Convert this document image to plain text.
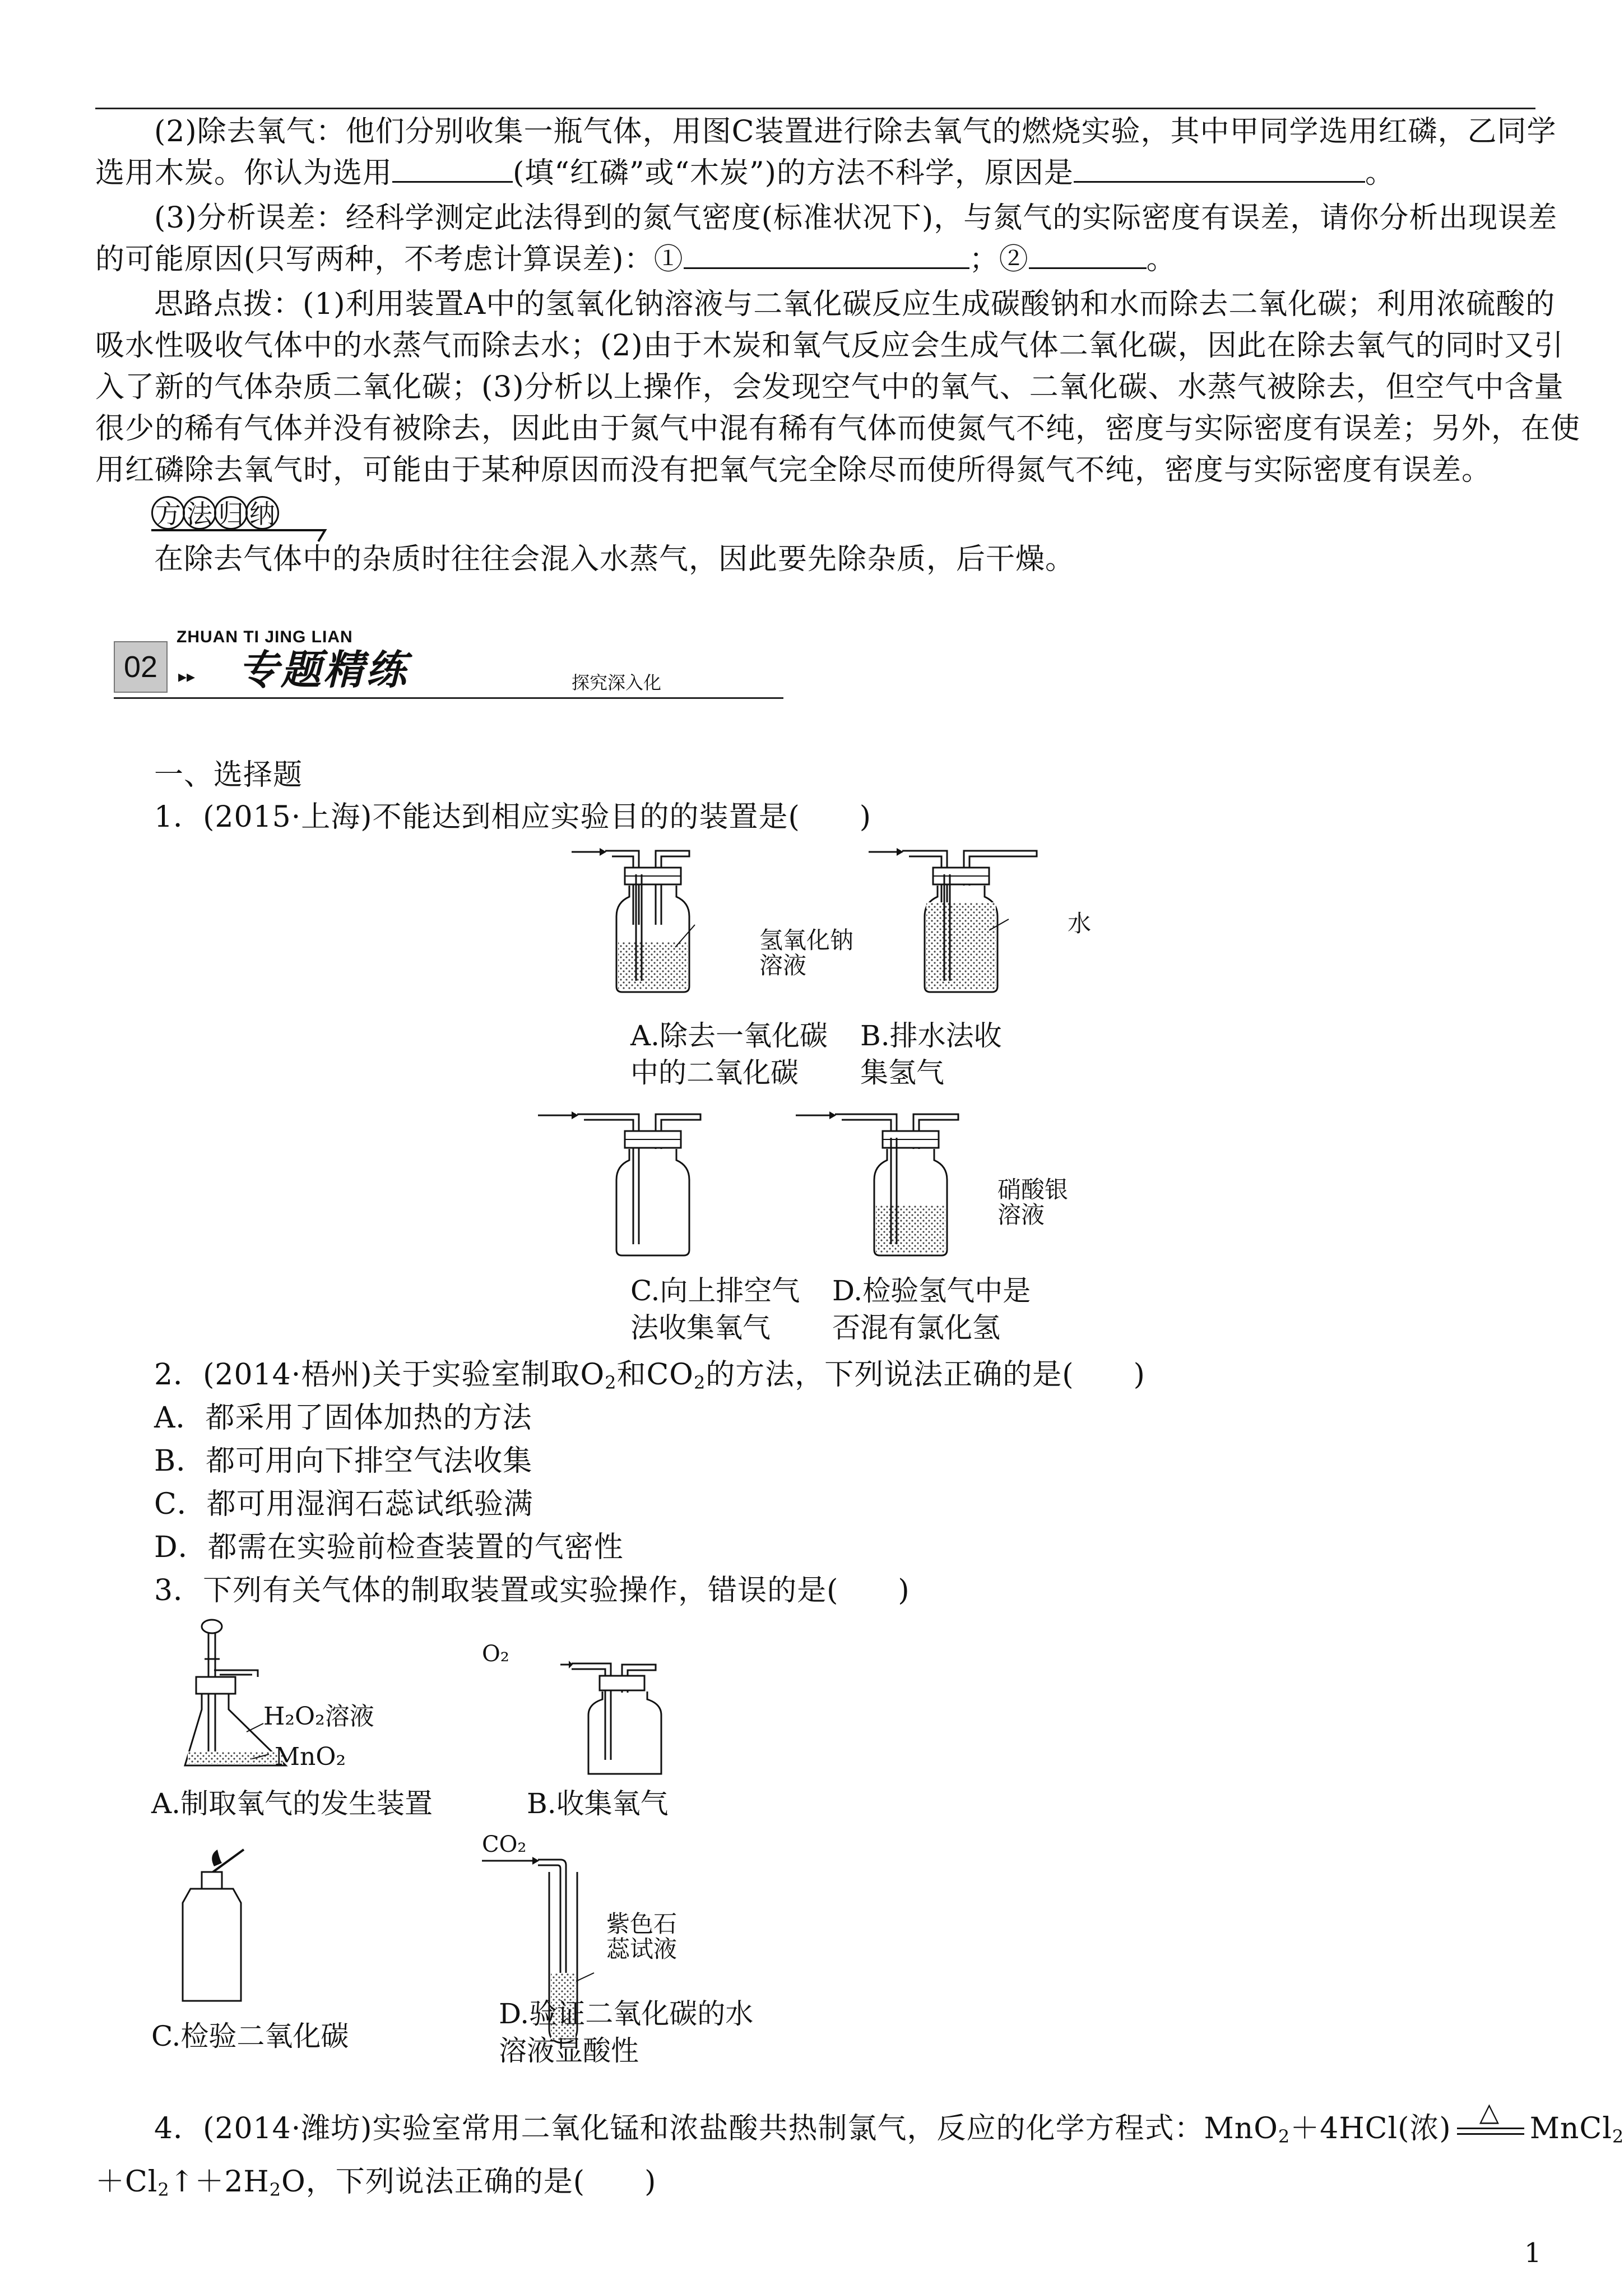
(2)除去氧气：他们分别收集一瓶气体，用图C装置进行除去氧气的燃烧实验，其中甲同学选用红磷，乙同学
选用木炭。你认为选用	(填“红磷”或“木炭”)的方法不科学，原因是	。
(3)分析误差：经科学测定此法得到的氮气密度(标准状况下)，与氮气的实际密度有误差，请你分析出现误差
的可能原因(只写两种，不考虑计算误差)：①	；②	。
思路点拨：(1)利用装置A中的氢氧化钠溶液与二氧化碳反应生成碳酸钠和水而除去二氧化碳；利用浓硫酸的
吸水性吸收气体中的水蒸气而除去水；(2)由于木炭和氧气反应会生成气体二氧化碳，因此在除去氧气的同时又引
入了新的气体杂质二氧化碳；(3)分析以上操作，会发现空气中的氧气、二氧化碳、水蒸气被除去，但空气中含量
很少的稀有气体并没有被除去，因此由于氮气中混有稀有气体而使氮气不纯，密度与实际密度有误差；另外，在使
用红磷除去氧气时，可能由于某种原因而没有把氧气完全除尽而使所得氮气不纯，密度与实际密度有误差。
方 法 归 纳
在除去气体中的杂质时往往会混入水蒸气，因此要先除杂质，后干燥。
ZHUAN TI JING LIAN
02	▸▸ 专题精练	探究深入化
一、选择题
1．(2015·上海)不能达到相应实验目的的装置是(　　)
氢氧化钠
溶液
水
A.除去一氧化碳
中的二氧化碳
B.排水法收
集氢气
硝酸银
溶液
C.向上排空气
法收集氧气
D.检验氢气中是
否混有氯化氢
2．(2014·梧州)关于实验室制取$O_2$和$CO_2$的方法，下列说法正确的是(　　)
A．都采用了固体加热的方法
B．都可用向下排空气法收集
C．都可用湿润石蕊试纸验满
D．都需在实验前检查装置的气密性
3．下列有关气体的制取装置或实验操作，错误的是(　　)
H₂O₂溶液
MnO₂
O₂
CO₂
紫色石
蕊试液
A.制取氧气的发生装置	B.收集氧气
C.检验二氧化碳
D.验证二氧化碳的水
溶液显酸性
4．(2014·潍坊)实验室常用二氧化锰和浓盐酸共热制氯气，反应的化学方程式：MnO$_2$＋4HCl(浓)
△
MnCl$_2$
$+Cl_2↑+2H_2O$，下列说法正确的是(　　)
1
